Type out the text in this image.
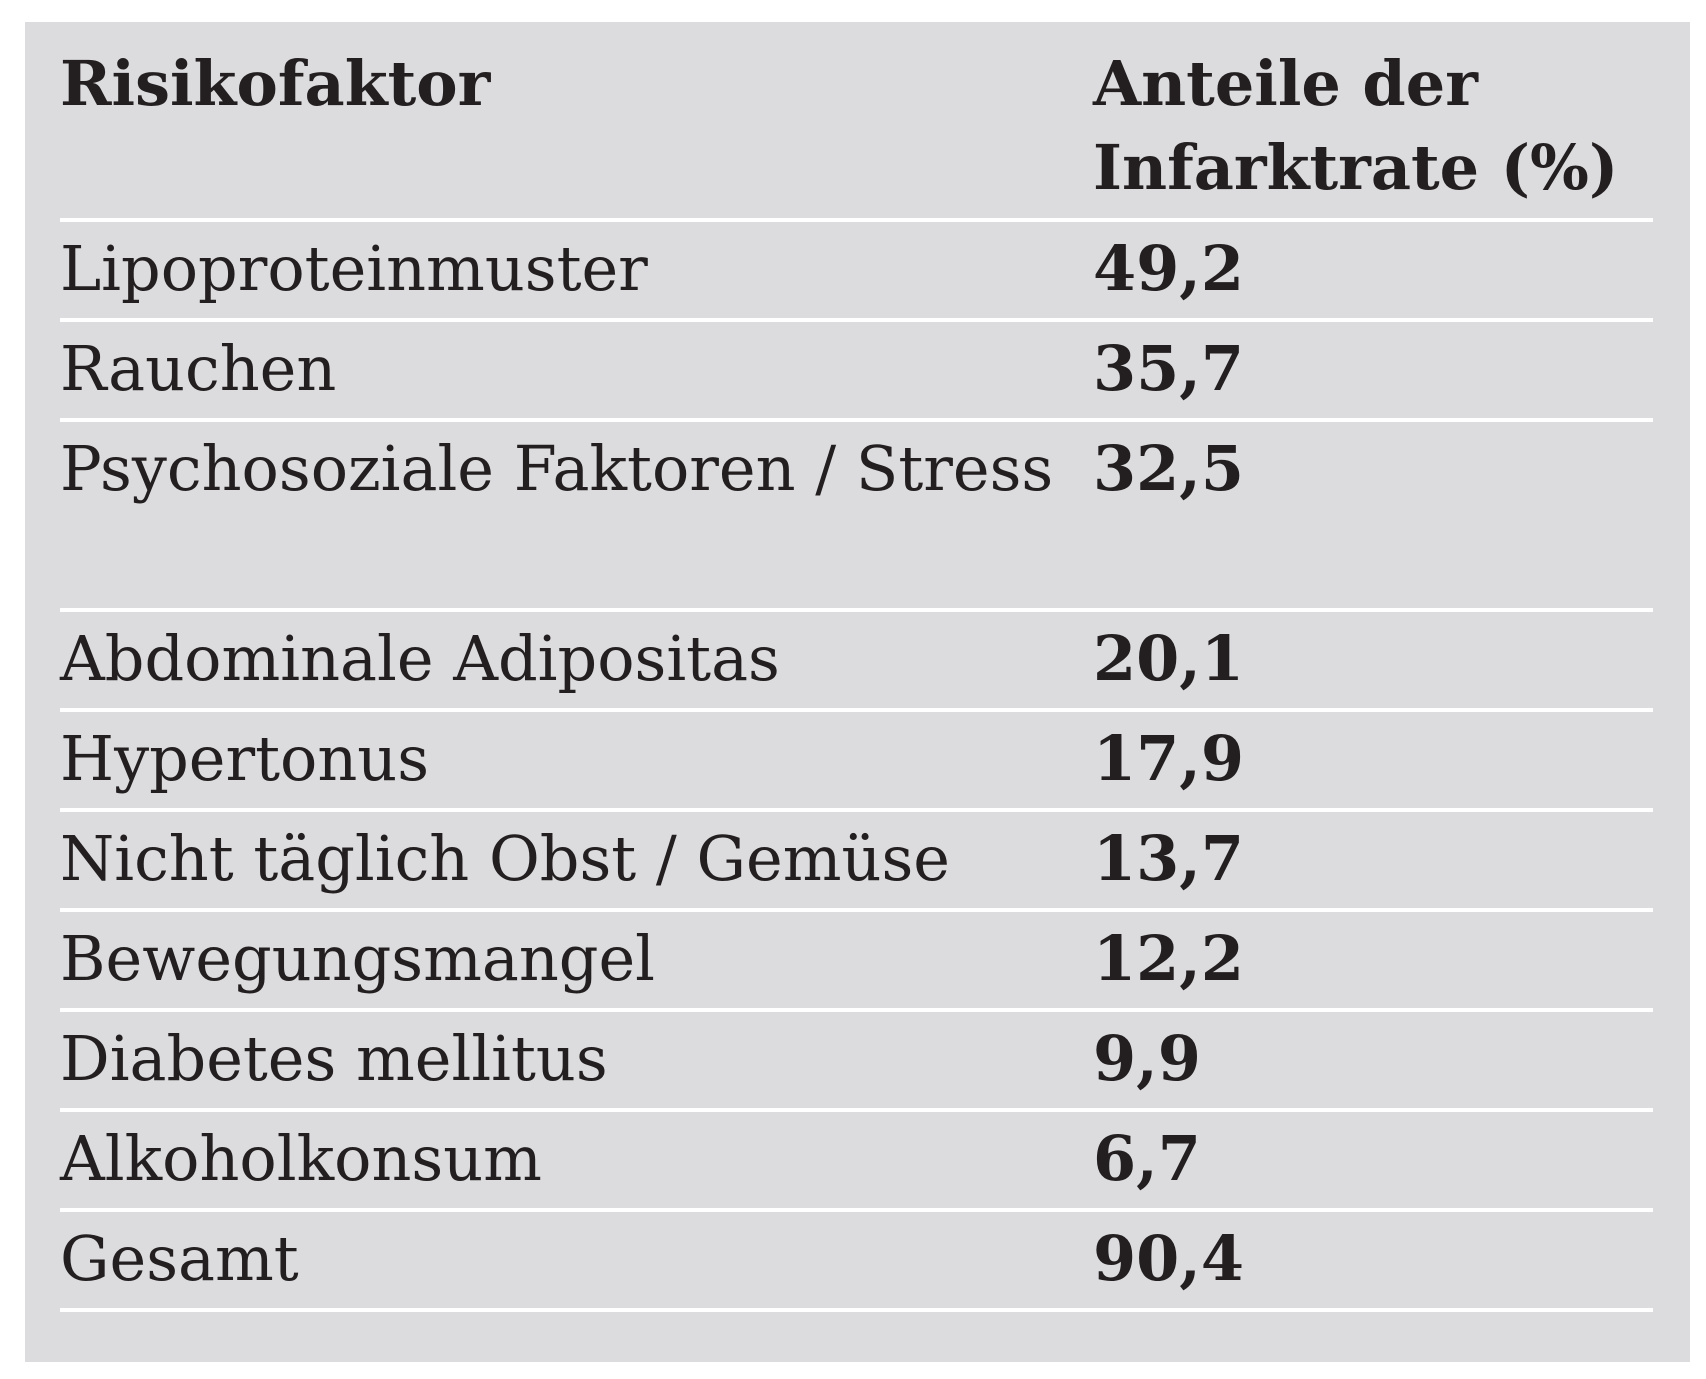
Risikofaktor	Anteile der Infarktrate (%)
Lipoproteinmuster	49,2
Rauchen	35,7
Psychosoziale Faktoren / Stress	32,5
Abdominale Adipositas	20,1
Hypertonus	17,9
Nicht täglich Obst / Gemüse	13,7
Bewegungsmangel	12,2
Diabetes mellitus	9,9
Alkoholkonsum	6,7
Gesamt	90,4
